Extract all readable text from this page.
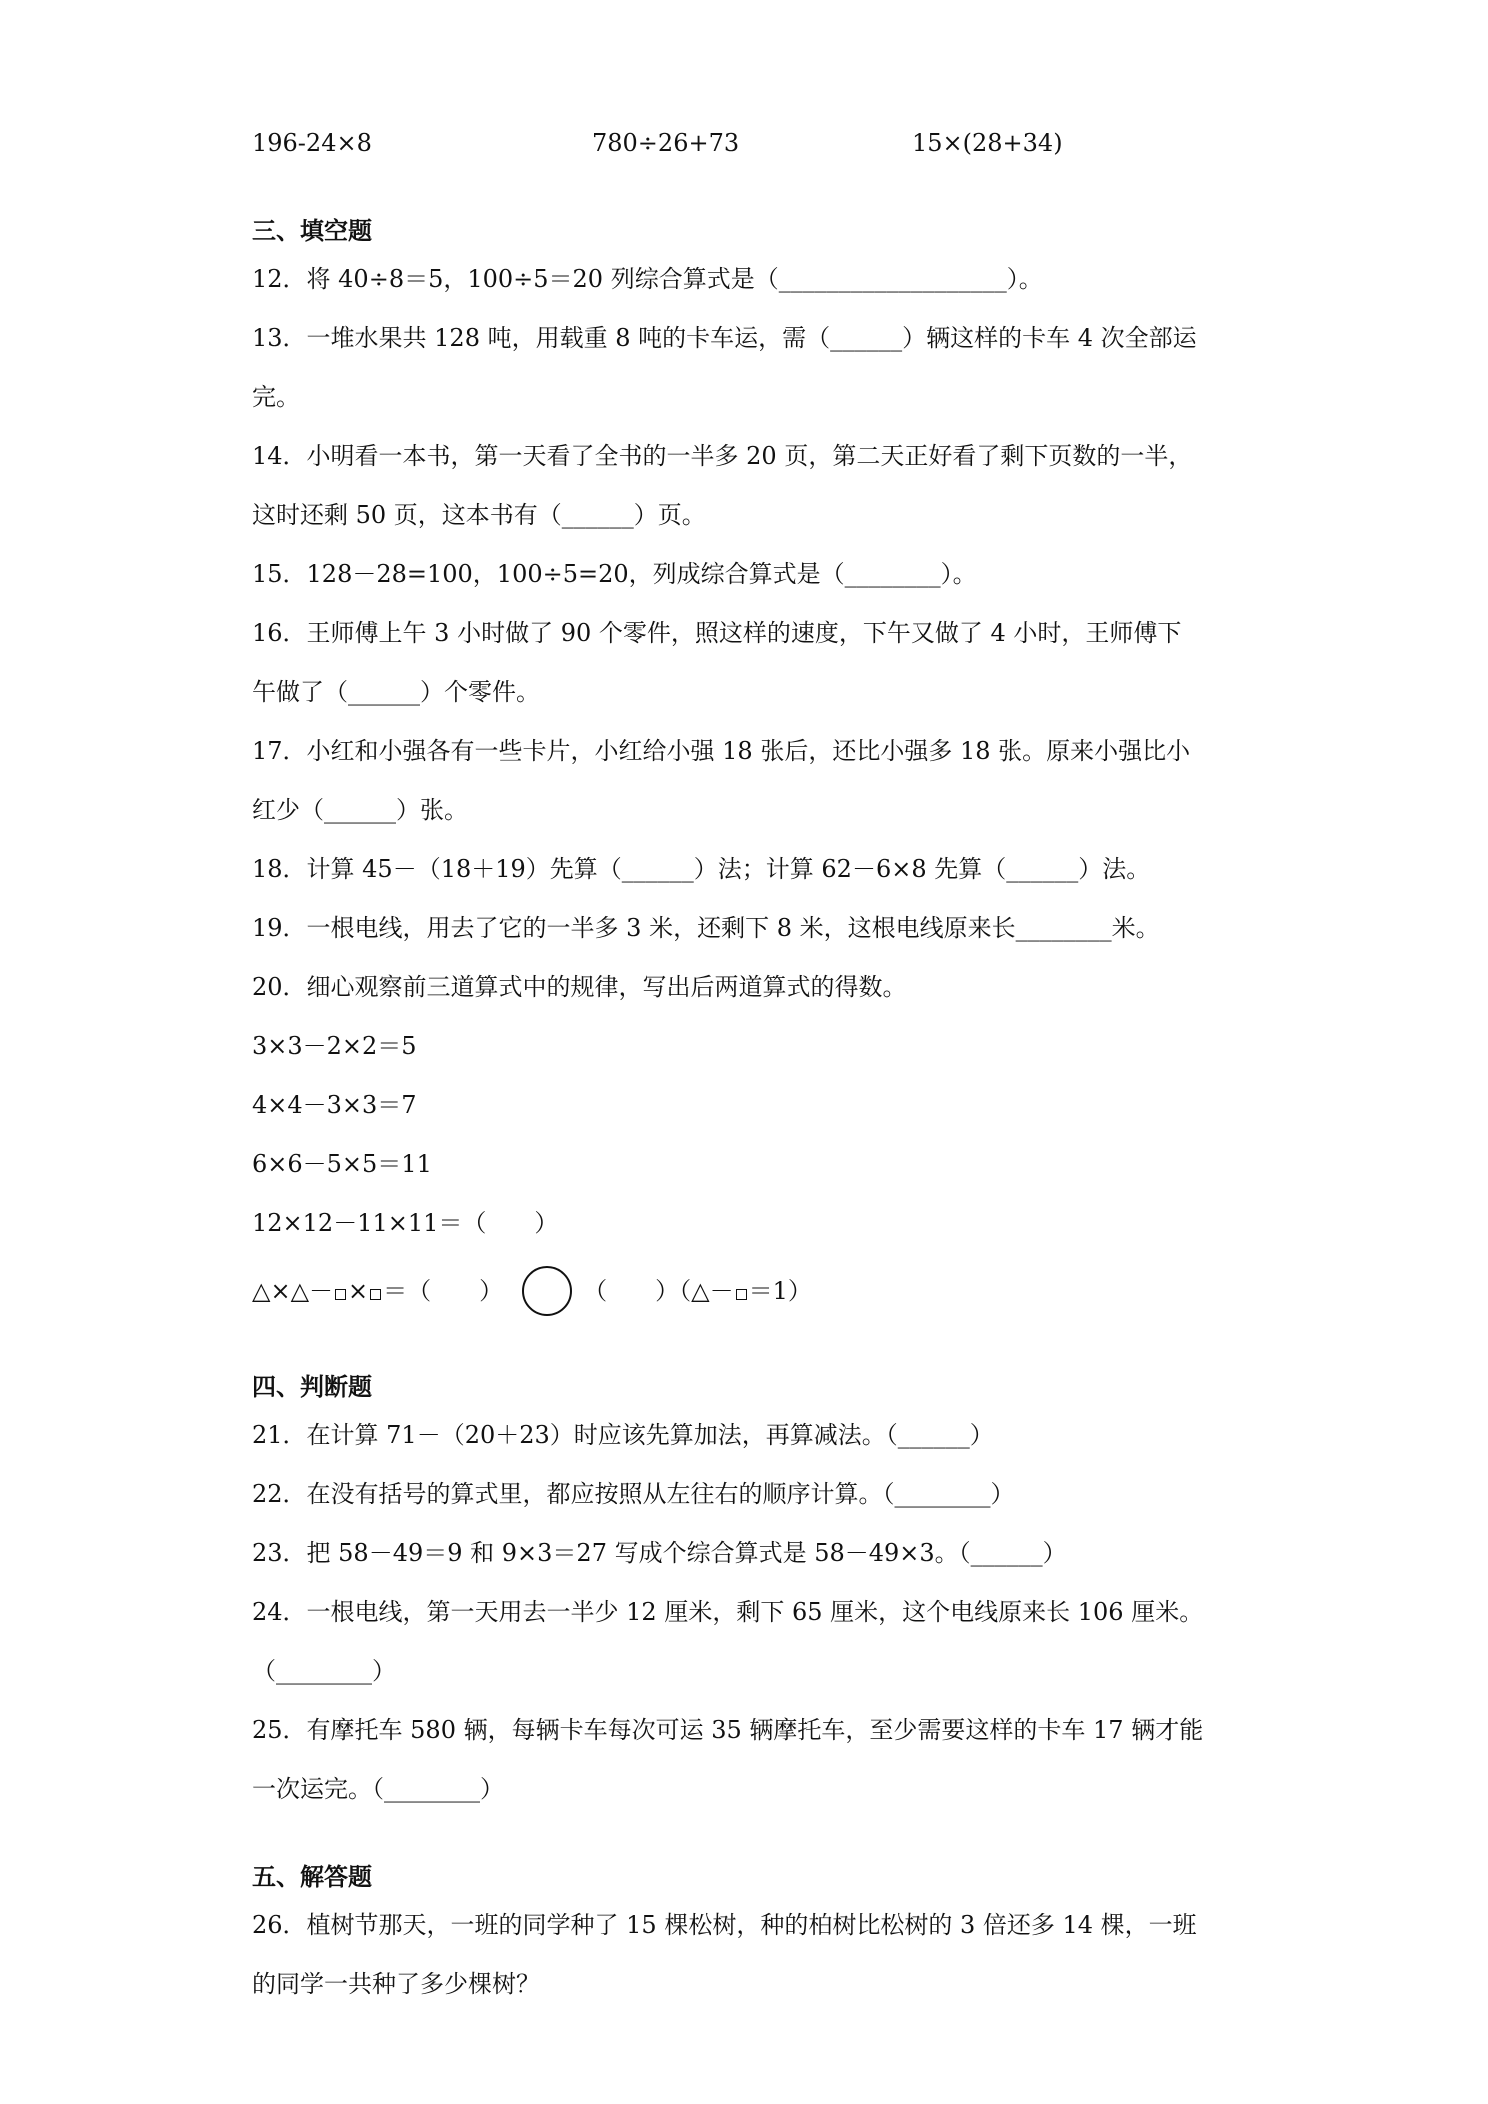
196-24×8	780÷26+73	15×(28+34)
三、填空题
12．将 40÷8＝5，100÷5＝20 列综合算式是（___________________）。
13．一堆水果共 128 吨，用载重 8 吨的卡车运，需（______）辆这样的卡车 4 次全部运
完。
14．小明看一本书，第一天看了全书的一半多 20 页，第二天正好看了剩下页数的一半，
这时还剩 50 页，这本书有（______）页。
15．128－28=100，100÷5=20，列成综合算式是（________）。
16．王师傅上午 3 小时做了 90 个零件，照这样的速度，下午又做了 4 小时，王师傅下
午做了（______）个零件。
17．小红和小强各有一些卡片，小红给小强 18 张后，还比小强多 18 张。原来小强比小
红少（______）张。
18．计算 45－（18＋19）先算（______）法；计算 62－6×8 先算（______）法。
19．一根电线，用去了它的一半多 3 米，还剩下 8 米，这根电线原来长________米。
20．细心观察前三道算式中的规律，写出后两道算式的得数。
3×3－2×2＝5
4×4－3×3＝7
6×6－5×5＝11
12×12－11×11＝（　　）
△×△－ × ＝（　　）	（　　）（△－ ＝1）
四、判断题
21．在计算 71－（20＋23）时应该先算加法，再算减法。（______）
22．在没有括号的算式里，都应按照从左往右的顺序计算。（________）
23．把 58－49＝9 和 9×3＝27 写成个综合算式是 58－49×3。（______）
24．一根电线，第一天用去一半少 12 厘米，剩下 65 厘米，这个电线原来长 106 厘米。
（________）
25．有摩托车 580 辆，每辆卡车每次可运 35 辆摩托车，至少需要这样的卡车 17 辆才能
一次运完。（________）
五、解答题
26．植树节那天，一班的同学种了 15 棵松树，种的柏树比松树的 3 倍还多 14 棵，一班
的同学一共种了多少棵树？
